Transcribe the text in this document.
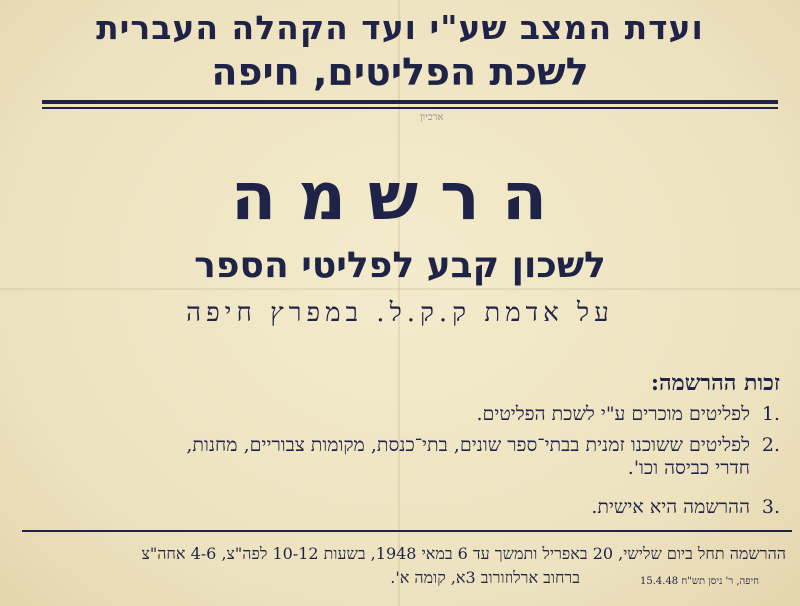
ועדת המצב שע"י ועד הקהלה העברית
לשכת הפליטים, חיפה
ארכיון
הרשמה
לשכון קבע לפליטי הספר
על אדמת ק.ק.ל. במפרץ חיפה
זכות ההרשמה:
1.
לפליטים מוכרים ע"י לשכת הפליטים.
2.
לפליטים ששוכנו זמנית בבתי־ספר שונים, בתי־כנסת, מקומות צבוריים, מחנות,
חדרי כביסה וכו'.
3.
ההרשמה היא אישית.
ההרשמה תחל ביום שלישי, 20 באפריל ותמשך עד 6 במאי 1948, בשעות 10-12 לפה"צ, 4-6 אחה"צ
ברחוב ארלוזורוב 3א, קומה א'.	חיפה, ר' ניסן תש"ח 15.4.48
